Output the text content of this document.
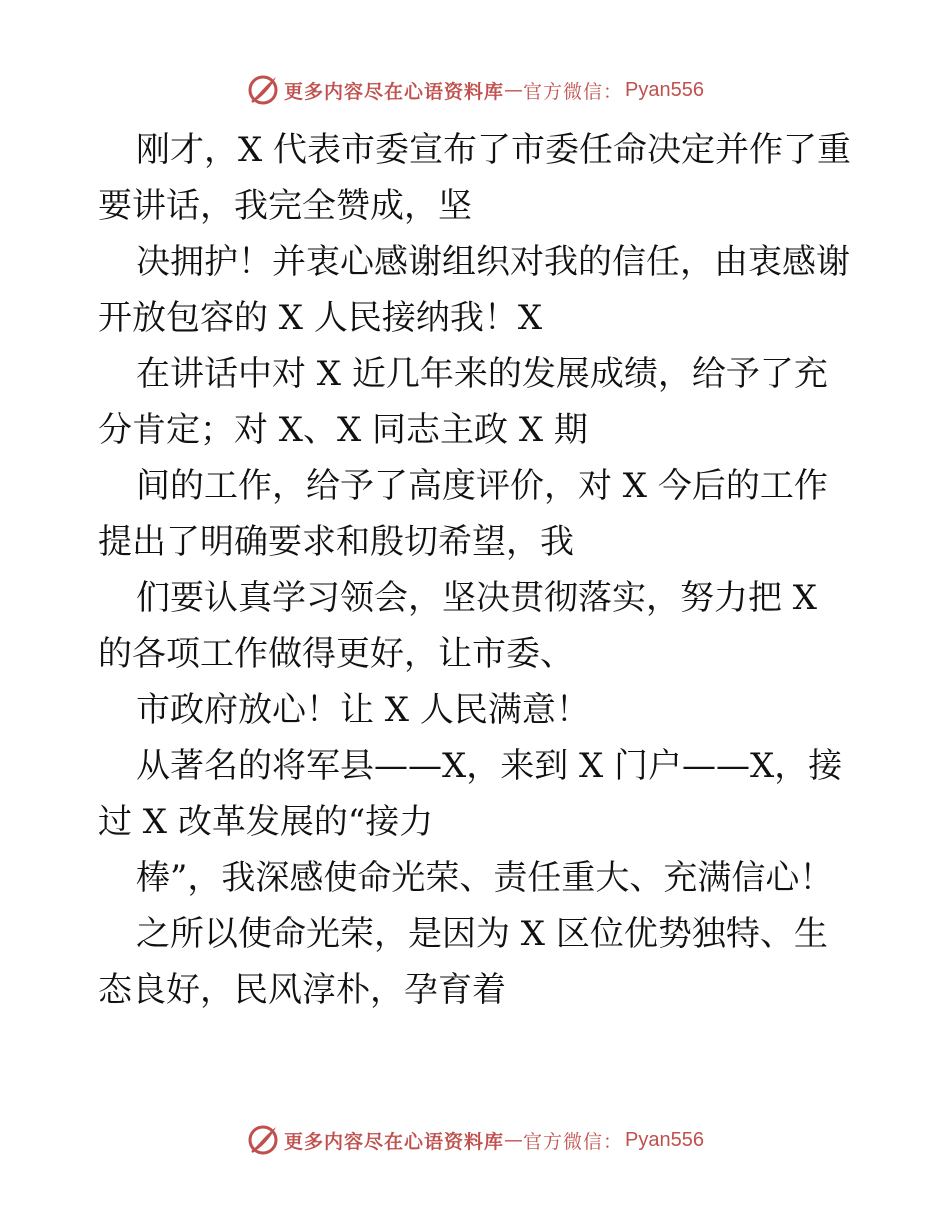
更多内容尽在心语资料库 — 官方微信： Pyan556
刚才，X 代表市委宣布了市委任命决定并作了重
要讲话，我完全赞成，坚
决拥护！并衷心感谢组织对我的信任，由衷感谢
开放包容的 X 人民接纳我！X
在讲话中对 X 近几年来的发展成绩，给予了充
分肯定；对 X、X 同志主政 X 期
间的工作，给予了高度评价，对 X 今后的工作
提出了明确要求和殷切希望，我
们要认真学习领会，坚决贯彻落实，努力把 X
的各项工作做得更好，让市委、
市政府放心！让 X 人民满意！
从著名的将军县——X，来到 X 门户——X，接
过 X 改革发展的“接力
棒”，我深感使命光荣、责任重大、充满信心！
之所以使命光荣，是因为 X 区位优势独特、生
态良好，民风淳朴，孕育着
更多内容尽在心语资料库 — 官方微信： Pyan556
